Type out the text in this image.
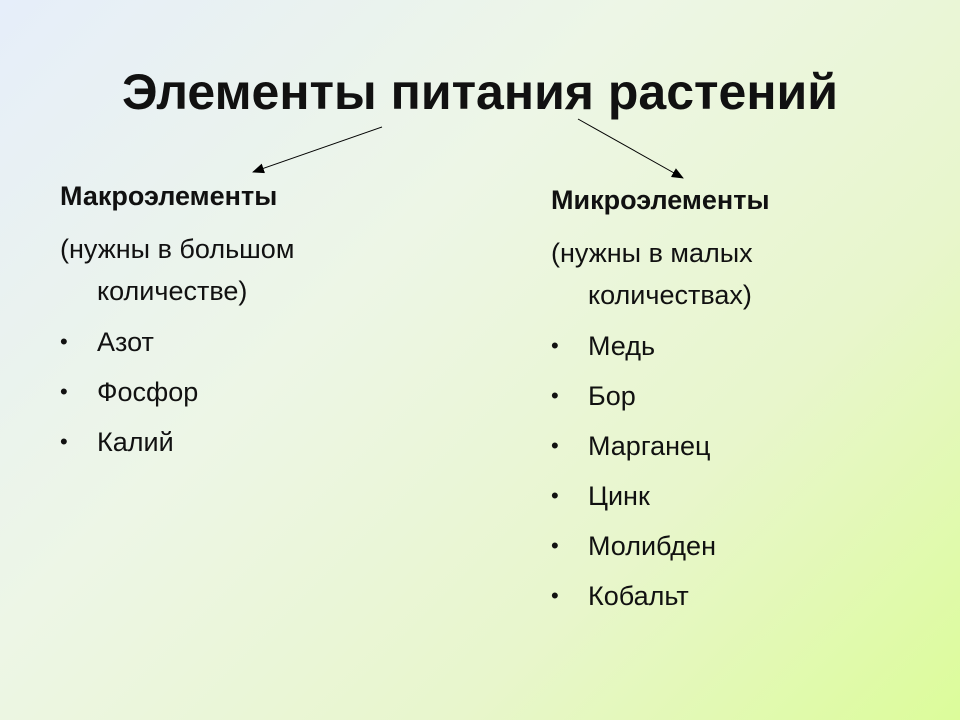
Элементы питания растений

Макроэлементы

(нужны в большом
количестве)
• Азот
• Фосфор
• Калий

Микроэлементы

(нужны в малых
количествах)
• Медь
• Бор
• Марганец
• Цинк
• Молибден
• Кобальт
